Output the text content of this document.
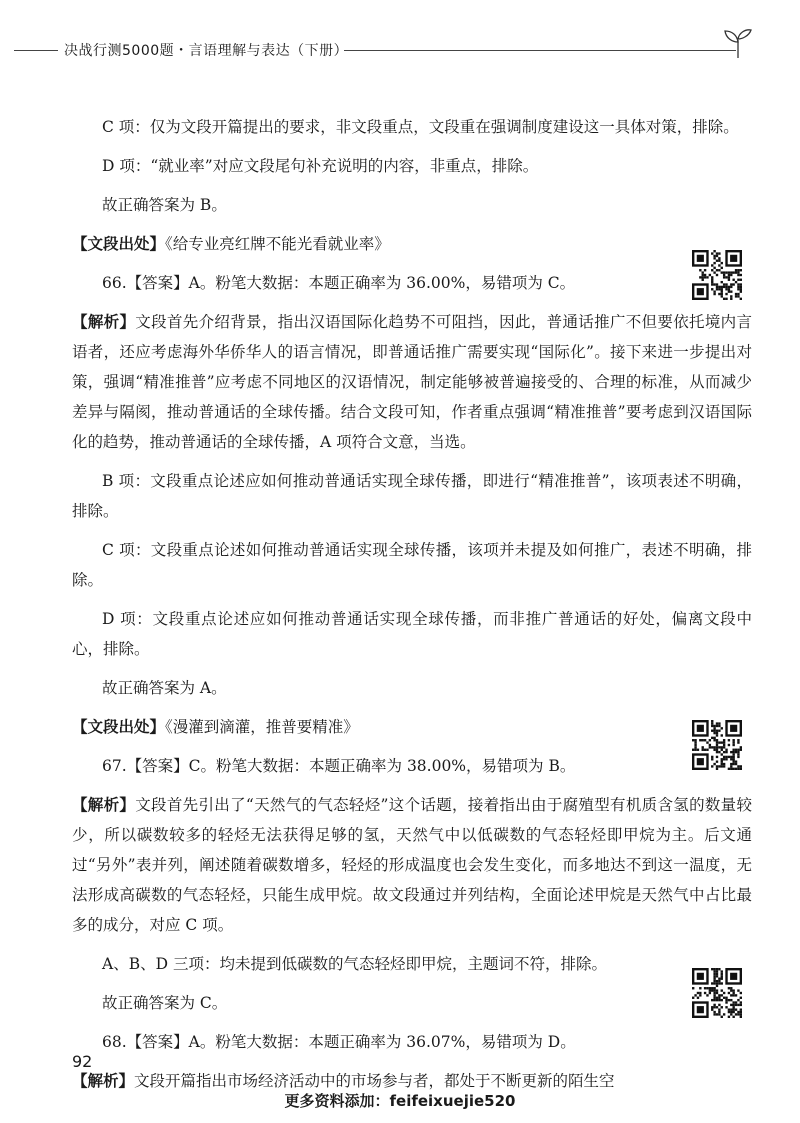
决战行测5000题・言语理解与表达（下册）

C 项：仅为文段开篇提出的要求，非文段重点，文段重在强调制度建设这一具体对策，排除。

D 项：“就业率”对应文段尾句补充说明的内容，非重点，排除。

故正确答案为 B。

【文段出处】《给专业亮红牌不能光看就业率》

66.【答案】A。粉笔大数据：本题正确率为 36.00%，易错项为 C。

【解析】文段首先介绍背景，指出汉语国际化趋势不可阻挡，因此，普通话推广不但要依托境内言语者，还应考虑海外华侨华人的语言情况，即普通话推广需要实现“国际化”。接下来进一步提出对策，强调“精准推普”应考虑不同地区的汉语情况，制定能够被普遍接受的、合理的标准，从而减少差异与隔阂，推动普通话的全球传播。结合文段可知，作者重点强调“精准推普”要考虑到汉语国际化的趋势，推动普通话的全球传播，A 项符合文意，当选。

B 项：文段重点论述应如何推动普通话实现全球传播，即进行“精准推普”，该项表述不明确，排除。

C 项：文段重点论述如何推动普通话实现全球传播，该项并未提及如何推广，表述不明确，排除。

D 项：文段重点论述应如何推动普通话实现全球传播，而非推广普通话的好处，偏离文段中心，排除。

故正确答案为 A。

【文段出处】《漫灌到滴灌，推普要精准》

67.【答案】C。粉笔大数据：本题正确率为 38.00%，易错项为 B。

【解析】文段首先引出了“天然气的气态轻烃”这个话题，接着指出由于腐殖型有机质含氢的数量较少，所以碳数较多的轻烃无法获得足够的氢，天然气中以低碳数的气态轻烃即甲烷为主。后文通过“另外”表并列，阐述随着碳数增多，轻烃的形成温度也会发生变化，而多地达不到这一温度，无法形成高碳数的气态轻烃，只能生成甲烷。故文段通过并列结构，全面论述甲烷是天然气中占比最多的成分，对应 C 项。

A、B、D 三项：均未提到低碳数的气态轻烃即甲烷，主题词不符，排除。

故正确答案为 C。

68.【答案】A。粉笔大数据：本题正确率为 36.07%，易错项为 D。

【解析】文段开篇指出市场经济活动中的市场参与者，都处于不断更新的陌生空

92
更多资料添加：feifeixuejie520
